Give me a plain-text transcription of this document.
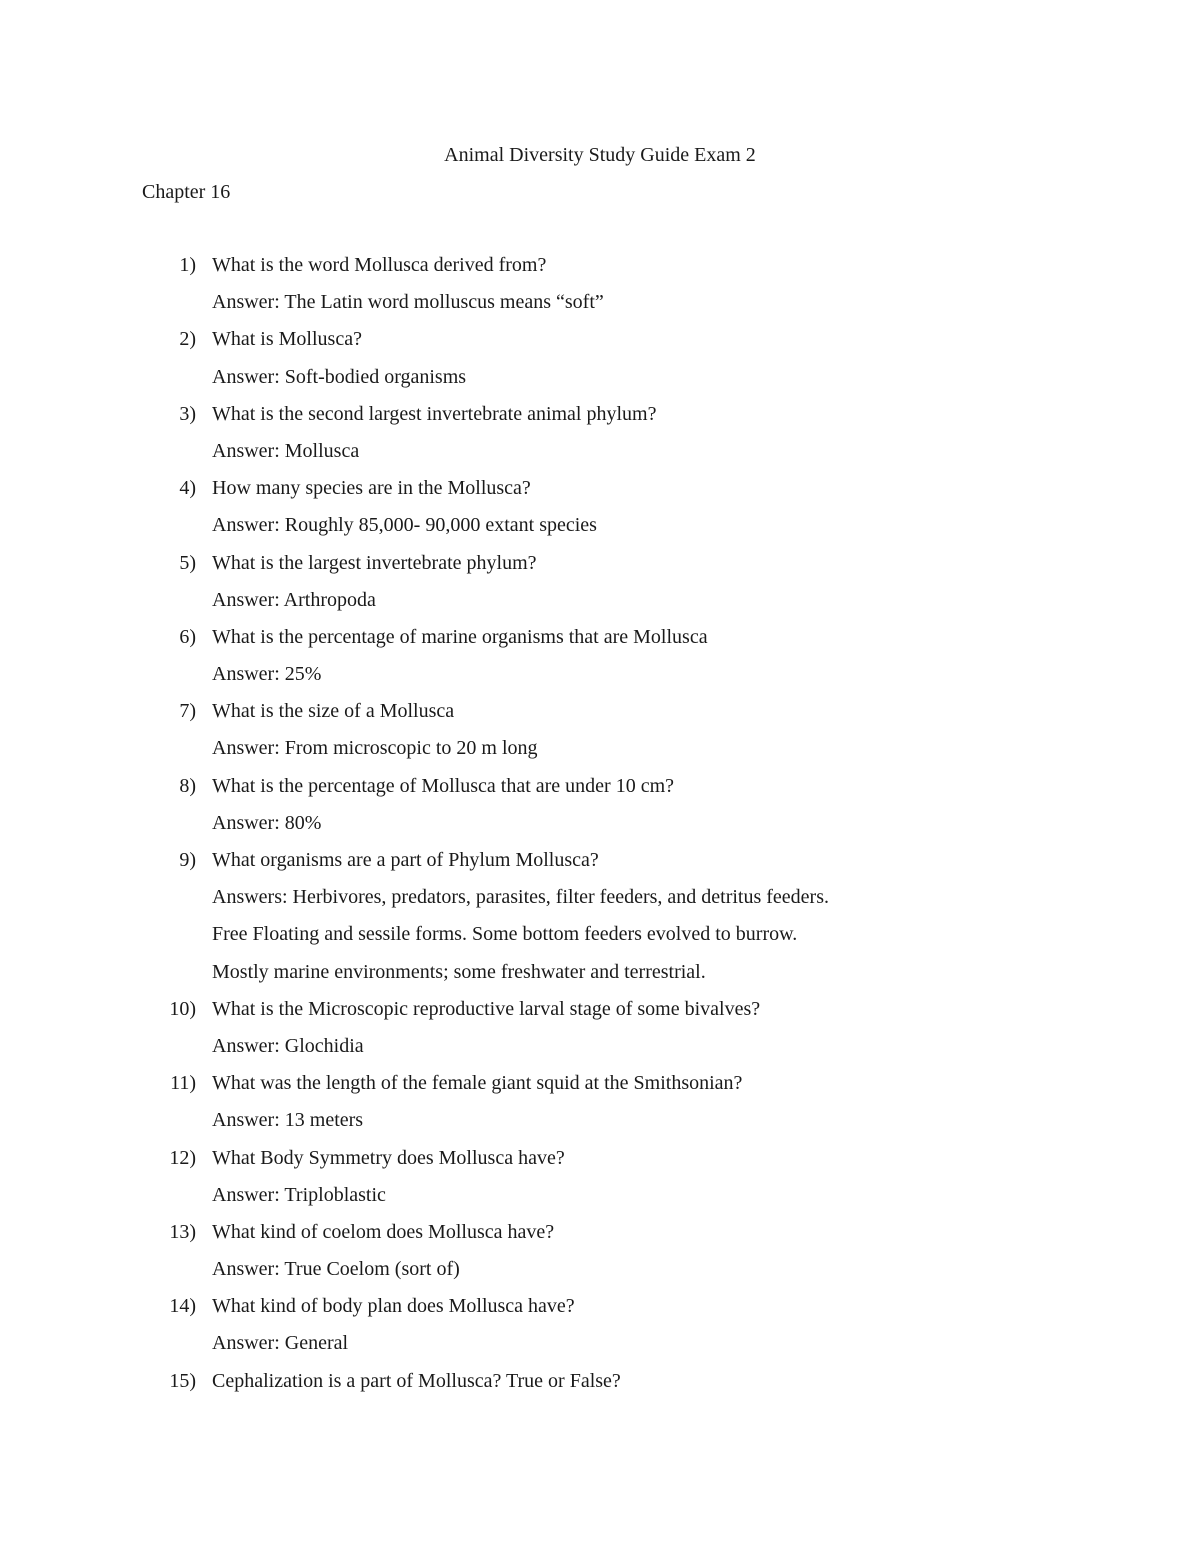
Animal Diversity Study Guide Exam 2
Chapter 16
1) What is the word Mollusca derived from?
Answer: The Latin word molluscus means “soft”
2) What is Mollusca?
Answer: Soft-bodied organisms
3) What is the second largest invertebrate animal phylum?
Answer: Mollusca
4) How many species are in the Mollusca?
Answer: Roughly 85,000- 90,000 extant species
5) What is the largest invertebrate phylum?
Answer: Arthropoda
6) What is the percentage of marine organisms that are Mollusca
Answer: 25%
7) What is the size of a Mollusca
Answer: From microscopic to 20 m long
8) What is the percentage of Mollusca that are under 10 cm?
Answer: 80%
9) What organisms are a part of Phylum Mollusca?
Answers: Herbivores, predators, parasites, filter feeders, and detritus feeders.
Free Floating and sessile forms. Some bottom feeders evolved to burrow.
Mostly marine environments; some freshwater and terrestrial.
10) What is the Microscopic reproductive larval stage of some bivalves?
Answer: Glochidia
11) What was the length of the female giant squid at the Smithsonian?
Answer: 13 meters
12) What Body Symmetry does Mollusca have?
Answer: Triploblastic
13) What kind of coelom does Mollusca have?
Answer: True Coelom (sort of)
14) What kind of body plan does Mollusca have?
Answer: General
15) Cephalization is a part of Mollusca? True or False?
